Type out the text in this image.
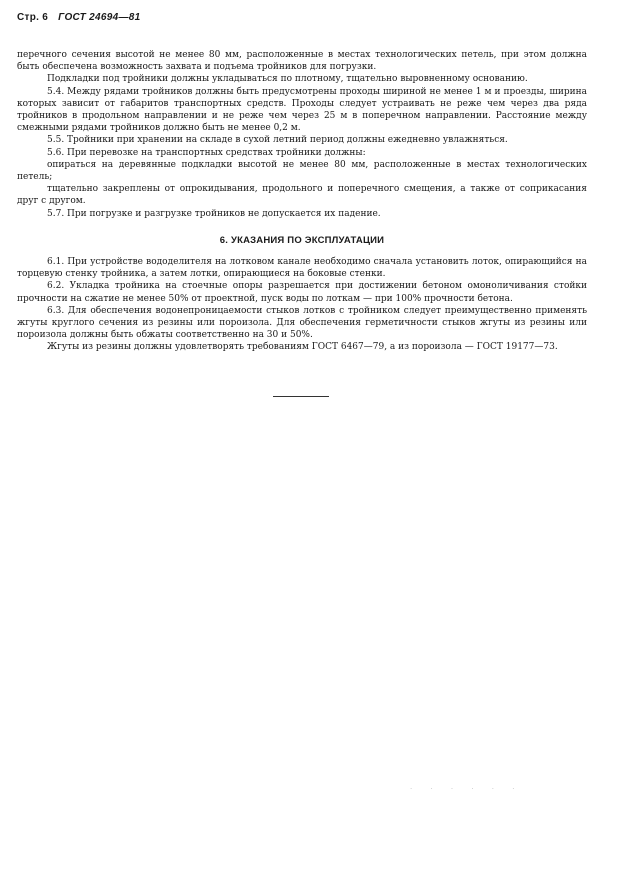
Стр. 6 ГОСТ 24694—81

перечного сечения высотой не менее 80 мм, расположенные в местах технологических петель, при этом должна быть обеспечена возможность захвата и подъема тройников для погрузки.

Подкладки под тройники должны укладываться по плотному, тщательно выровненному основанию.

5.4. Между рядами тройников должны быть предусмотрены проходы шириной не менее 1 м и проезды, ширина которых зависит от габаритов транспортных средств. Проходы следует устраивать не реже чем через два ряда тройников в продольном направлении и не реже чем через 25 м в поперечном направлении. Расстояние между смежными рядами тройников должно быть не менее 0,2 м.

5.5. Тройники при хранении на складе в сухой летний период должны ежедневно увлажняться.

5.6. При перевозке на транспортных средствах тройники должны:

опираться на деревянные подкладки высотой не менее 80 мм, расположенные в местах технологических петель;

тщательно закреплены от опрокидывания, продольного и поперечного смещения, а также от соприкасания друг с другом.

5.7. При погрузке и разгрузке тройников не допускается их падение.

6. УКАЗАНИЯ ПО ЭКСПЛУАТАЦИИ

6.1. При устройстве вододелителя на лотковом канале необходимо сначала установить лоток, опирающийся на торцевую стенку тройника, а затем лотки, опирающиеся на боковые стенки.

6.2. Укладка тройника на стоечные опоры разрешается при достижении бетоном омоноличивания стойки прочности на сжатие не менее 50% от проектной, пуск воды по лоткам — при 100% прочности бетона.

6.3. Для обеспечения водонепроницаемости стыков лотков с тройником следует преимущественно применять жгуты круглого сечения из резины или пороизола. Для обеспечения герметичности стыков жгуты из резины или пороизола должны быть обжаты соответственно на 30 и 50%.

Жгуты из резины должны удовлетворять требованиям ГОСТ 6467—79, а из пороизола — ГОСТ 19177—73.

· · · · · ·
